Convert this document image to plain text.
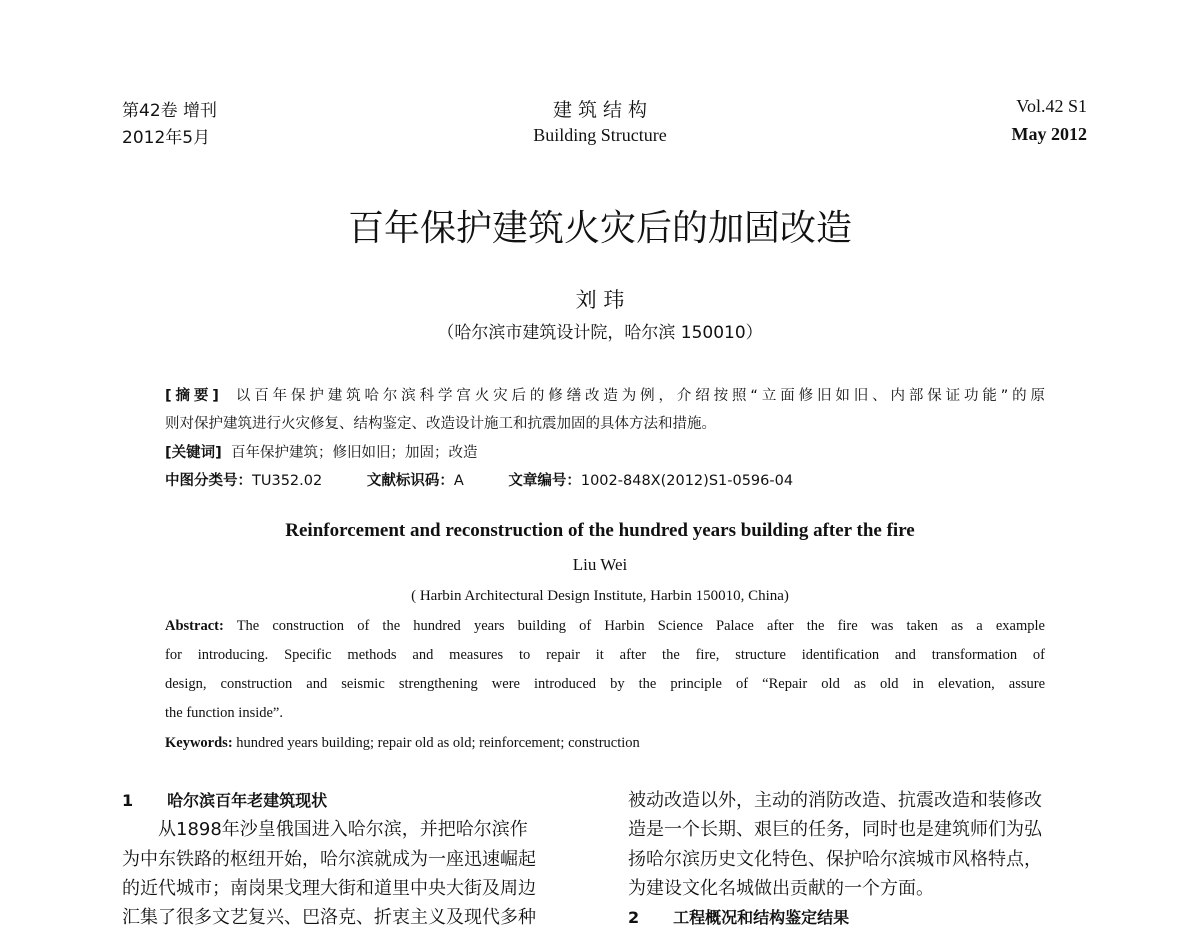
第42卷 增刊
2012年5月
建 筑 结 构
Building Structure
Vol.42 S1
May 2012
百年保护建筑火灾后的加固改造
刘 玮
（哈尔滨市建筑设计院，哈尔滨 150010）
[摘要] 以百年保护建筑哈尔滨科学宫火灾后的修缮改造为例，介绍按照“立面修旧如旧、内部保证功能”的原
则对保护建筑进行火灾修复、结构鉴定、改造设计施工和抗震加固的具体方法和措施。
[关键词] 百年保护建筑；修旧如旧；加固；改造
中图分类号：TU352.02	文献标识码：A	文章编号：1002-848X(2012)S1-0596-04
Reinforcement and reconstruction of the hundred years building after the fire
Liu Wei
( Harbin Architectural Design Institute, Harbin 150010, China)
Abstract: The construction of the hundred years building of Harbin Science Palace after the fire was taken as a example
for introducing. Specific methods and measures to repair it after the fire, structure identification and transformation of
design, construction and seismic strengthening were introduced by the principle of “Repair old as old in elevation, assure
the function inside”.
Keywords: hundred years building; repair old as old; reinforcement; construction

1 哈尔滨百年老建筑现状

从1898年沙皇俄国进入哈尔滨，并把哈尔滨作

为中东铁路的枢纽开始，哈尔滨就成为一座迅速崛起

的近代城市；南岗果戈理大街和道里中央大街及周边

汇集了很多文艺复兴、巴洛克、折衷主义及现代多种

被动改造以外，主动的消防改造、抗震改造和装修改

造是一个长期、艰巨的任务，同时也是建筑师们为弘

扬哈尔滨历史文化特色、保护哈尔滨城市风格特点，

为建设文化名城做出贡献的一个方面。

2 工程概况和结构鉴定结果
